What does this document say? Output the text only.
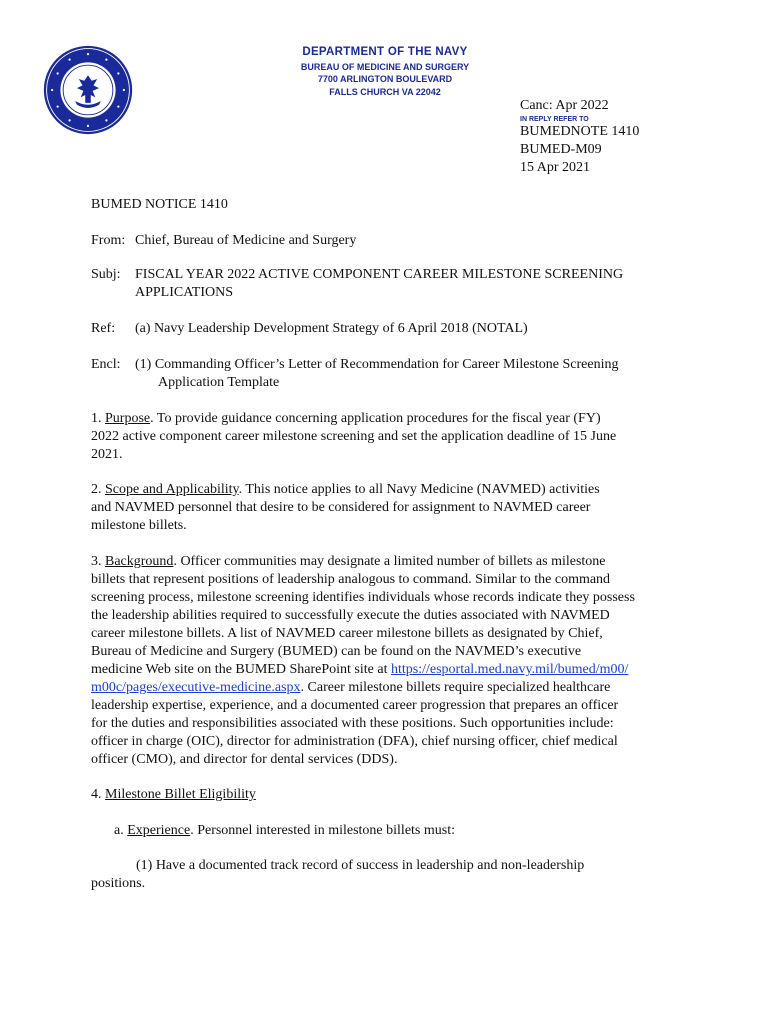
DEPARTMENT OF THE NAVY

BUREAU OF MEDICINE AND SURGERY

7700 ARLINGTON BOULEVARD

FALLS CHURCH VA 22042

Canc: Apr 2022
IN REPLY REFER TO
BUMEDNOTE 1410
BUMED-M09
15 Apr 2021

BUMED NOTICE 1410

From: Chief, Bureau of Medicine and Surgery

Subj: FISCAL YEAR 2022 ACTIVE COMPONENT CAREER MILESTONE SCREENING

APPLICATIONS

Ref: (a) Navy Leadership Development Strategy of 6 April 2018 (NOTAL)

Encl: (1) Commanding Officer’s Letter of Recommendation for Career Milestone Screening

Application Template

1. Purpose. To provide guidance concerning application procedures for the fiscal year (FY)

2022 active component career milestone screening and set the application deadline of 15 June

2021.

2. Scope and Applicability. This notice applies to all Navy Medicine (NAVMED) activities

and NAVMED personnel that desire to be considered for assignment to NAVMED career

milestone billets.

3. Background. Officer communities may designate a limited number of billets as milestone

billets that represent positions of leadership analogous to command. Similar to the command

screening process, milestone screening identifies individuals whose records indicate they possess

the leadership abilities required to successfully execute the duties associated with NAVMED

career milestone billets. A list of NAVMED career milestone billets as designated by Chief,

Bureau of Medicine and Surgery (BUMED) can be found on the NAVMED’s executive

medicine Web site on the BUMED SharePoint site at https://esportal.med.navy.mil/bumed/m00/

m00c/pages/executive-medicine.aspx. Career milestone billets require specialized healthcare

leadership expertise, experience, and a documented career progression that prepares an officer

for the duties and responsibilities associated with these positions. Such opportunities include:

officer in charge (OIC), director for administration (DFA), chief nursing officer, chief medical

officer (CMO), and director for dental services (DDS).

4. Milestone Billet Eligibility

a. Experience. Personnel interested in milestone billets must:

(1) Have a documented track record of success in leadership and non-leadership

positions.
